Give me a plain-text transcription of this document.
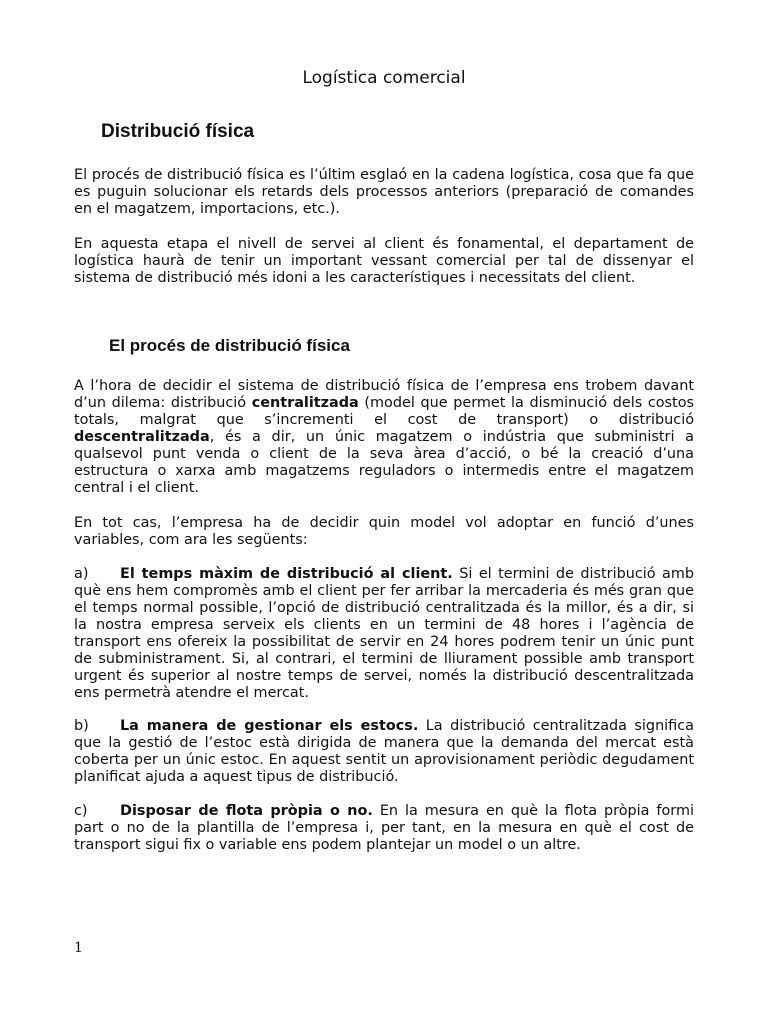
Logística comercial
Distribució física

El procés de distribució física es l’últim esglaó en la cadena logística, cosa que fa que es puguin solucionar els retards dels processos anteriors (preparació de comandes en el magatzem, importacions, etc.).

En aquesta etapa el nivell de servei al client és fonamental, el departament de logística haurà de tenir un important vessant comercial per tal de dissenyar el sistema de distribució més idoni a les característiques i necessitats del client.

El procés de distribució física

A l’hora de decidir el sistema de distribució física de l’empresa ens trobem davant d’un dilema: distribució centralitzada (model que permet la disminució dels costos totals, malgrat que s’incrementi el cost de transport) o distribució descentralitzada, és a dir, un únic magatzem o indústria que subministri a qualsevol punt venda o client de la seva àrea d’acció, o bé la creació d’una estructura o xarxa amb magatzems reguladors o intermedis entre el magatzem central i el client.

En tot cas, l’empresa ha de decidir quin model vol adoptar en funció d’unes variables, com ara les següents:

a) El temps màxim de distribució al client. Si el termini de distribució amb què ens hem compromès amb el client per fer arribar la mercaderia és més gran que el temps normal possible, l’opció de distribució centralitzada és la millor, és a dir, si la nostra empresa serveix els clients en un termini de 48 hores i l’agència de transport ens ofereix la possibilitat de servir en 24 hores podrem tenir un únic punt de subministrament. Si, al contrari, el termini de lliurament possible amb transport urgent és superior al nostre temps de servei, només la distribució descentralitzada ens permetrà atendre el mercat.

b) La manera de gestionar els estocs. La distribució centralitzada significa que la gestió de l’estoc està dirigida de manera que la demanda del mercat està coberta per un únic estoc. En aquest sentit un aprovisionament periòdic degudament planificat ajuda a aquest tipus de distribució.

c) Disposar de flota pròpia o no. En la mesura en què la flota pròpia formi part o no de la plantilla de l’empresa i, per tant, en la mesura en què el cost de transport sigui fix o variable ens podem plantejar un model o un altre.

1
